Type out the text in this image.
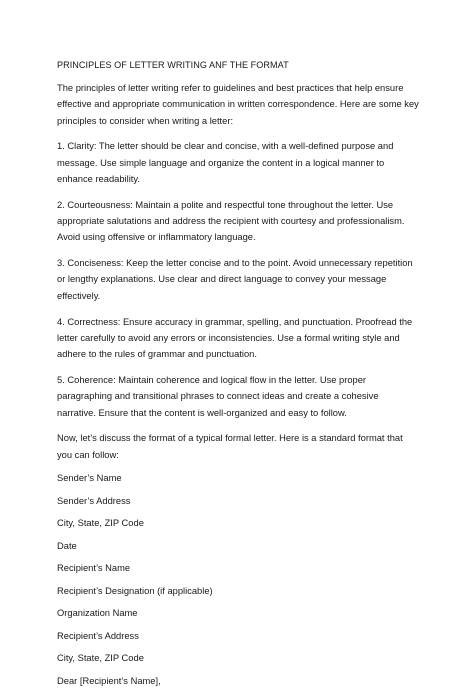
PRINCIPLES OF LETTER WRITING ANF THE FORMAT

The principles of letter writing refer to guidelines and best practices that help ensure effective and appropriate communication in written correspondence. Here are some key principles to consider when writing a letter:

1. Clarity: The letter should be clear and concise, with a well-defined purpose and message. Use simple language and organize the content in a logical manner to enhance readability.

2. Courteousness: Maintain a polite and respectful tone throughout the letter. Use appropriate salutations and address the recipient with courtesy and professionalism. Avoid using offensive or inflammatory language.

3. Conciseness: Keep the letter concise and to the point. Avoid unnecessary repetition or lengthy explanations. Use clear and direct language to convey your message effectively.

4. Correctness: Ensure accuracy in grammar, spelling, and punctuation. Proofread the letter carefully to avoid any errors or inconsistencies. Use a formal writing style and adhere to the rules of grammar and punctuation.

5. Coherence: Maintain coherence and logical flow in the letter. Use proper paragraphing and transitional phrases to connect ideas and create a cohesive narrative. Ensure that the content is well-organized and easy to follow.

Now, let’s discuss the format of a typical formal letter. Here is a standard format that you can follow:

Sender’s Name
Sender’s Address
City, State, ZIP Code
Date
Recipient’s Name
Recipient’s Designation (if applicable)
Organization Name
Recipient’s Address
City, State, ZIP Code
Dear [Recipient’s Name],
